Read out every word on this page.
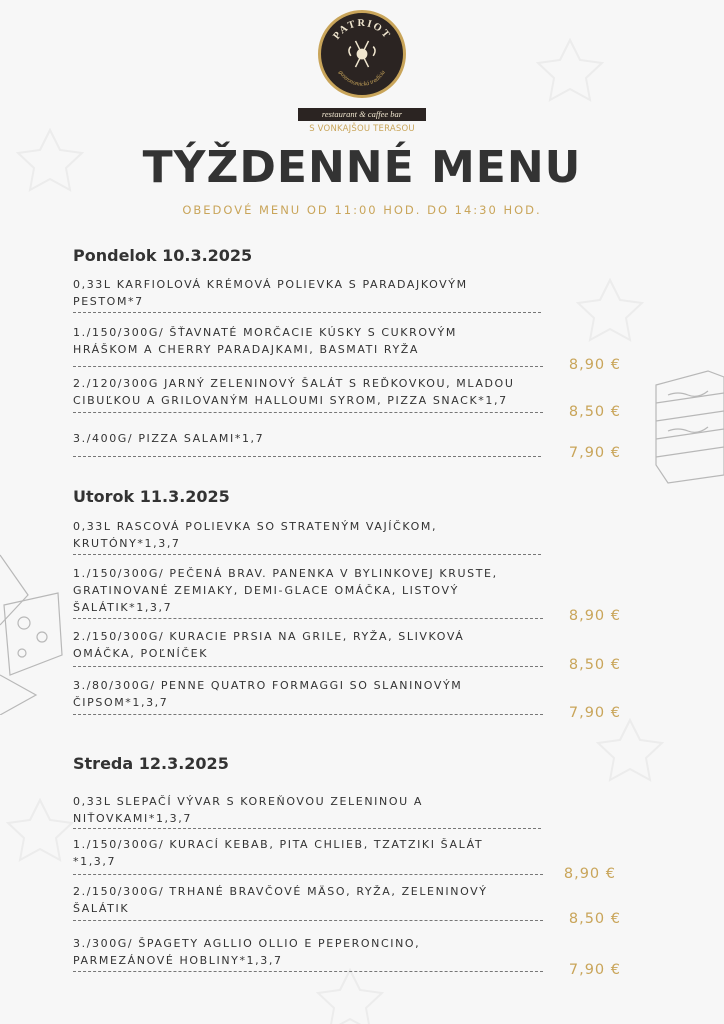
PATRIOT
gastronomická tradícia
restaurant & caffee bar
S VONKAJŠOU TERASOU
TÝŽDENNÉ MENU
OBEDOVÉ MENU OD 11:00 HOD. DO 14:30 HOD.
Pondelok 10.3.2025
0,33L KARFIOLOVÁ KRÉMOVÁ POLIEVKA S PARADAJKOVÝM
PESTOM*7
1./150/300G/ ŠŤAVNATÉ MORČACIE KÚSKY S CUKROVÝM
HRÁŠKOM A CHERRY PARADAJKAMI, BASMATI RYŽA
8,90 €
2./120/300G JARNÝ ZELENINOVÝ ŠALÁT S REĎKOVKOU, MLADOU
CIBUĽKOU A GRILOVANÝM HALLOUMI SYROM, PIZZA SNACK*1,7
8,50 €
3./400G/ PIZZA SALAMI*1,7
7,90 €
Utorok 11.3.2025
0,33L RASCOVÁ POLIEVKA SO STRATENÝM VAJÍČKOM,
KRUTÓNY*1,3,7
1./150/300G/ PEČENÁ BRAV. PANENKA V BYLINKOVEJ KRUSTE,
GRATINOVANÉ ZEMIAKY, DEMI-GLACE OMÁČKA, LISTOVÝ
ŠALÁTIK*1,3,7
8,90 €
2./150/300G/ KURACIE PRSIA NA GRILE, RYŽA, SLIVKOVÁ
OMÁČKA, POĽNÍČEK
8,50 €
3./80/300G/ PENNE QUATRO FORMAGGI SO SLANINOVÝM
ČIPSOM*1,3,7
7,90 €
Streda 12.3.2025
0,33L SLEPAČÍ VÝVAR S KOREŇOVOU ZELENINOU A
NIŤOVKAMI*1,3,7
1./150/300G/ KURACÍ KEBAB, PITA CHLIEB, TZATZIKI ŠALÁT
*1,3,7
8,90 €
2./150/300G/ TRHANÉ BRAVČOVÉ MÄSO, RYŽA, ZELENINOVÝ
ŠALÁTIK
8,50 €
3./300G/ ŠPAGETY AGLLIO OLLIO E PEPERONCINO,
PARMEZÁNOVÉ HOBLINY*1,3,7
7,90 €
